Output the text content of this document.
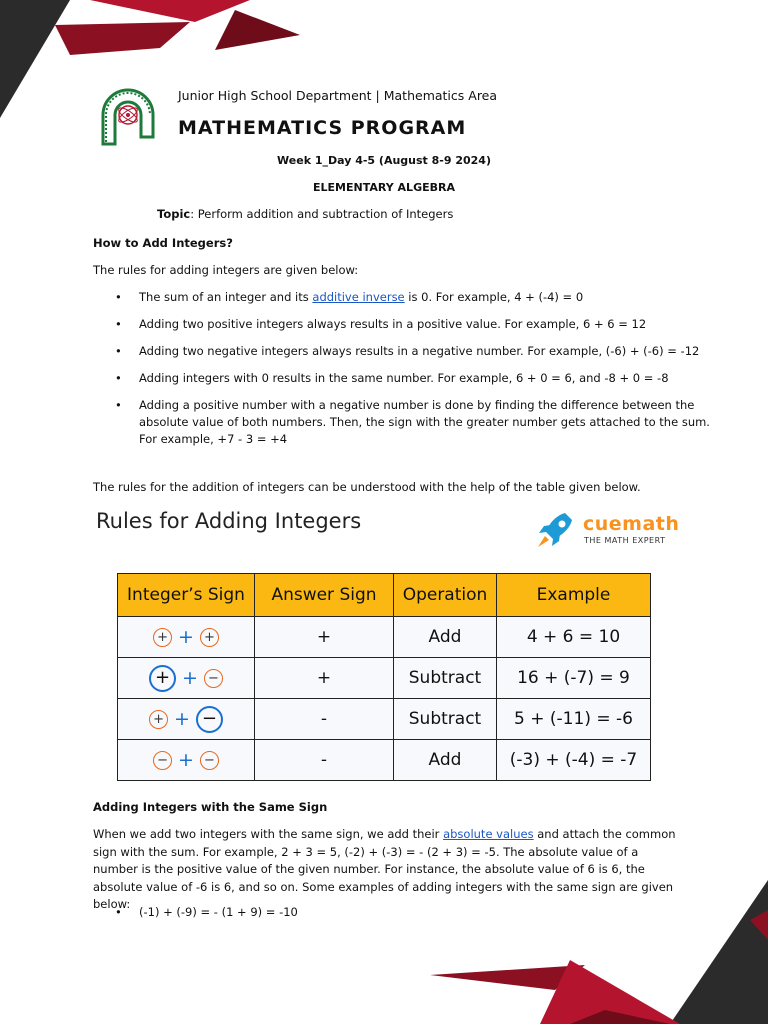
Junior High School Department | Mathematics Area
MATHEMATICS PROGRAM
Week 1_Day 4-5 (August 8-9 2024)
ELEMENTARY ALGEBRA
Topic: Perform addition and subtraction of Integers
How to Add Integers?
The rules for adding integers are given below:
• The sum of an integer and its additive inverse is 0. For example, 4 + (-4) = 0
• Adding two positive integers always results in a positive value. For example, 6 + 6 = 12
• Adding two negative integers always results in a negative number. For example, (-6) + (-6) = -12
• Adding integers with 0 results in the same number. For example, 6 + 0 = 6, and -8 + 0 = -8
• Adding a positive number with a negative number is done by finding the difference between the absolute value of both numbers. Then, the sign with the greater number gets attached to the sum. For example, +7 - 3 = +4
The rules for the addition of integers can be understood with the help of the table given below.
Rules for Adding Integers	cuemath
THE MATH EXPERT
Integer’s Sign	Answer Sign	Operation	Example
+ + +	+	Add	4 + 6 = 10
+ + −	+	Subtract	16 + (-7) = 9
+ + −	-	Subtract	5 + (-11) = -6
− + −	-	Add	(-3) + (-4) = -7
Adding Integers with the Same Sign
When we add two integers with the same sign, we add their absolute values and attach the common sign with the sum. For example, 2 + 3 = 5, (-2) + (-3) = - (2 + 3) = -5. The absolute value of a number is the positive value of the given number. For instance, the absolute value of 6 is 6, the absolute value of -6 is 6, and so on. Some examples of adding integers with the same sign are given below:
• (-1) + (-9) = - (1 + 9) = -10
